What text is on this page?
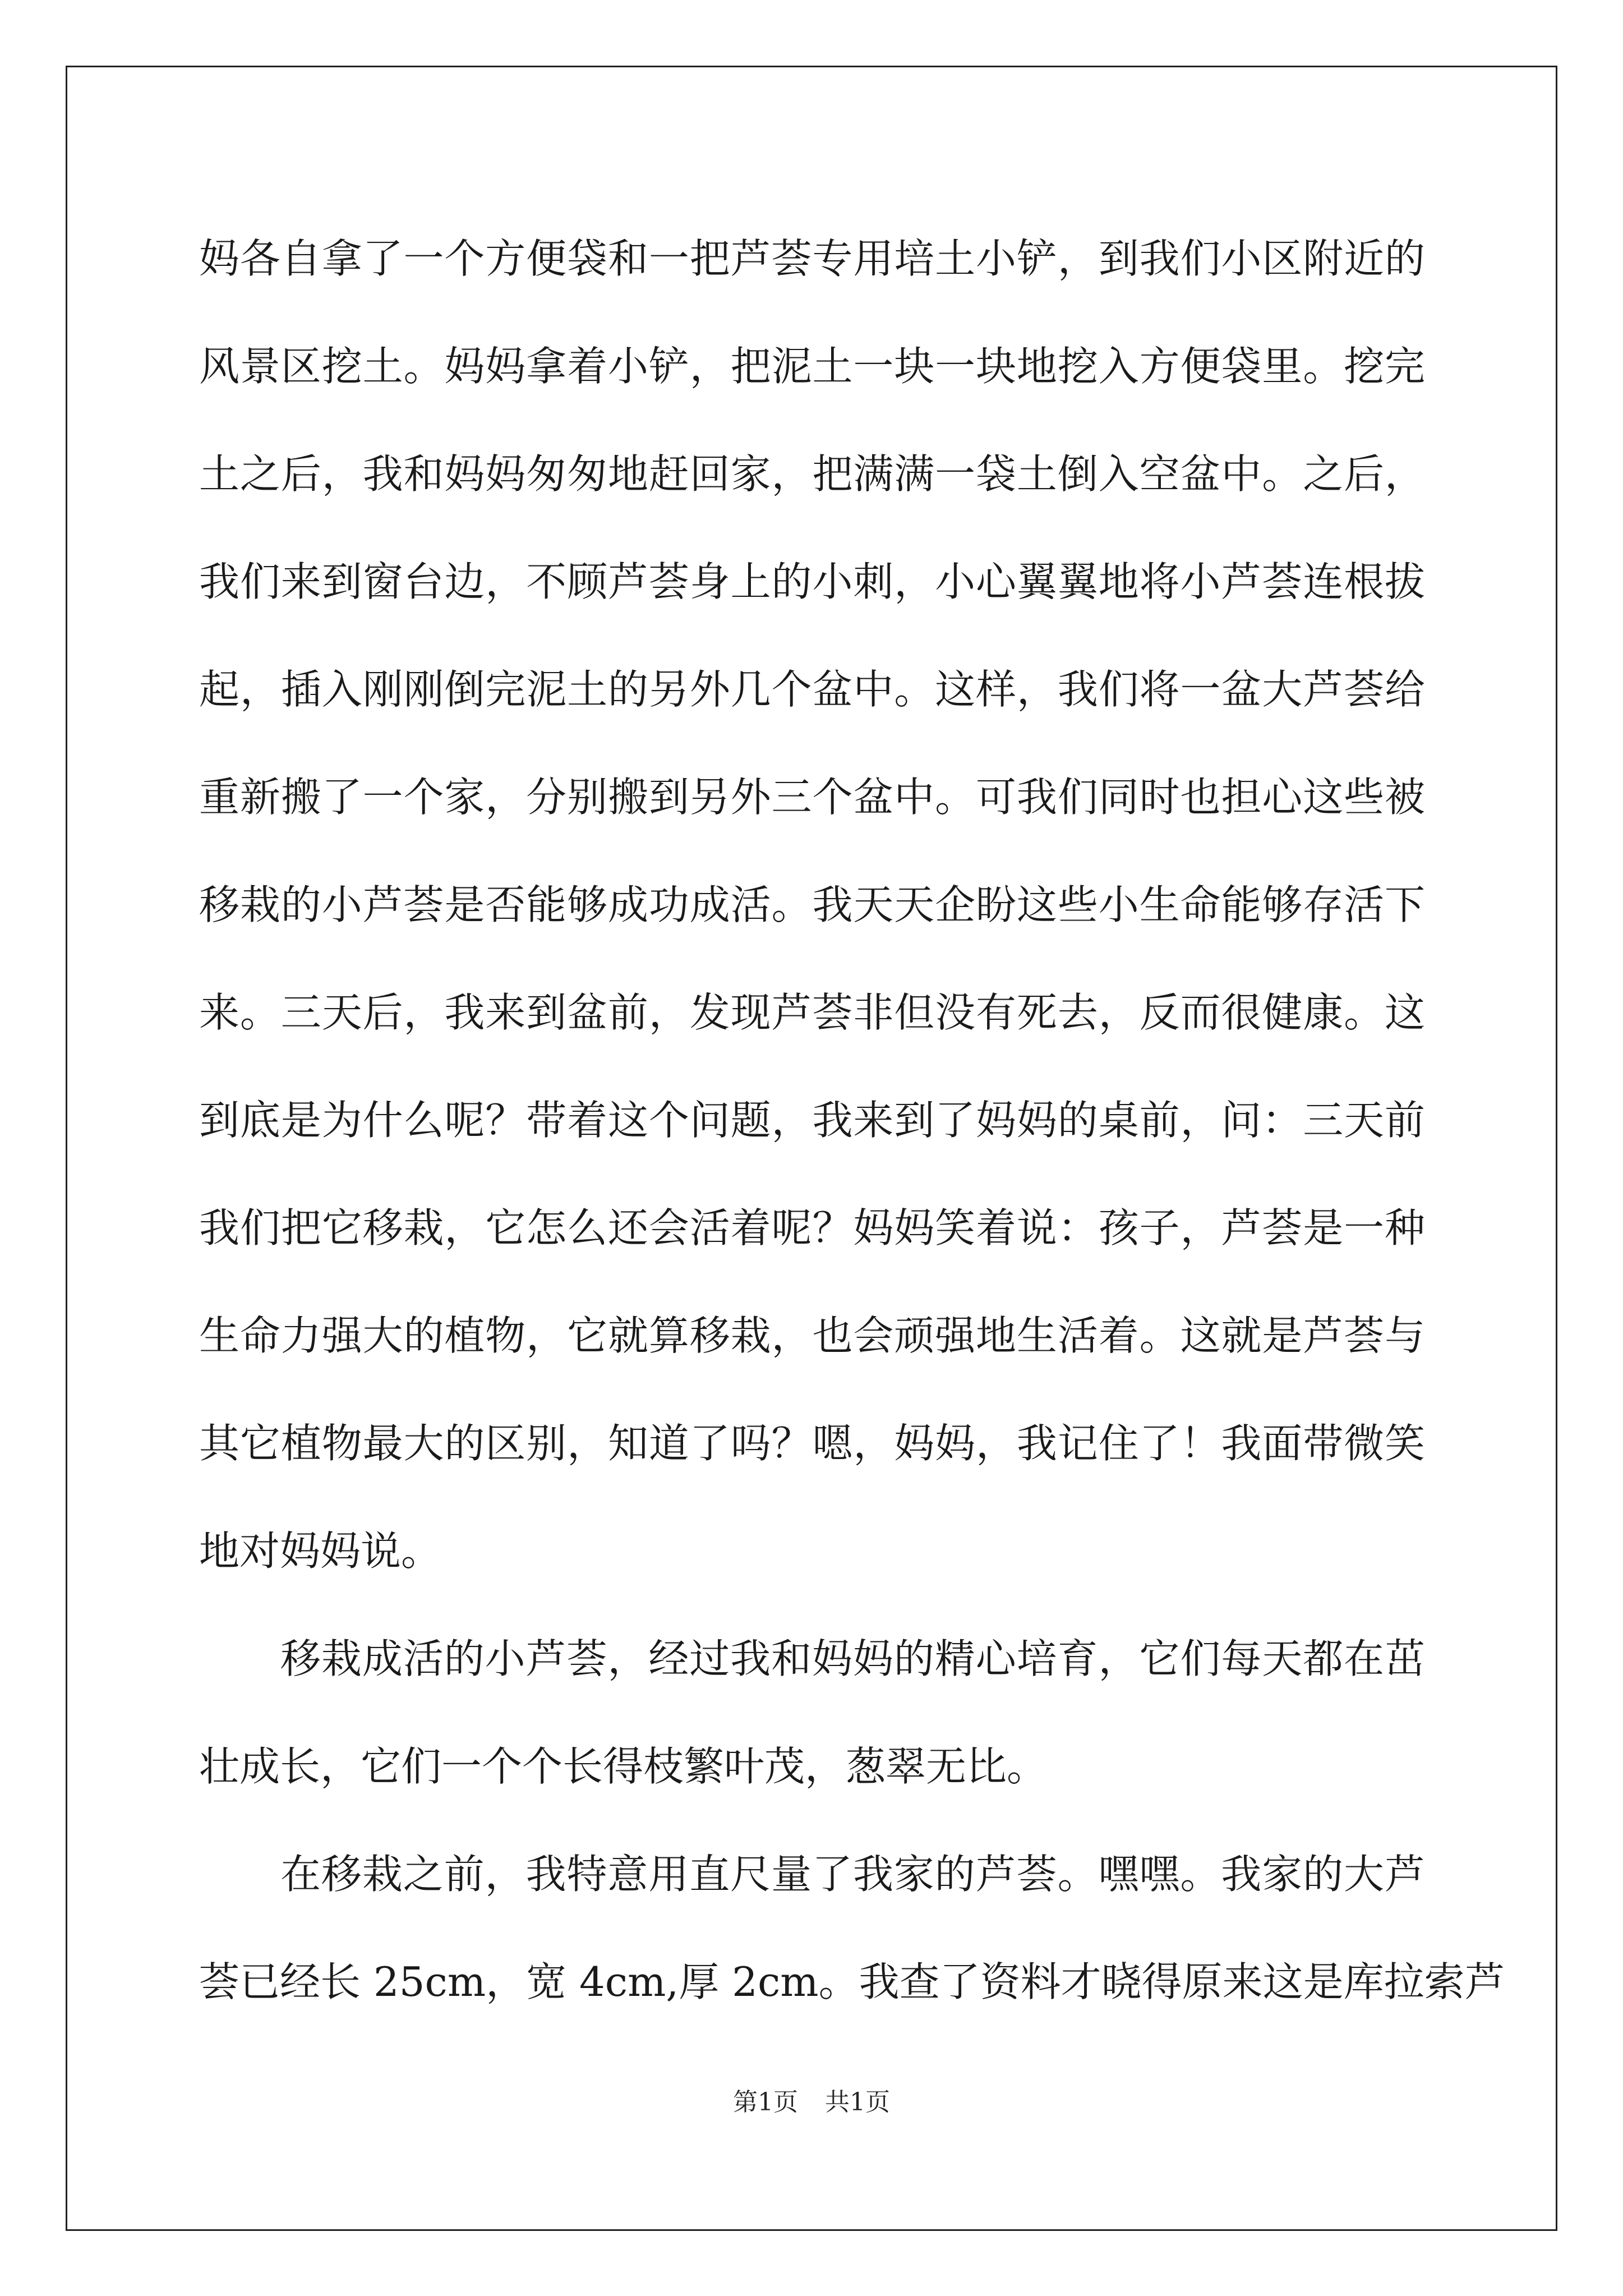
妈各自拿了一个方便袋和一把芦荟专用培土小铲，到我们小区附近的

风景区挖土。妈妈拿着小铲，把泥土一块一块地挖入方便袋里。挖完

土之后，我和妈妈匆匆地赶回家，把满满一袋土倒入空盆中。之后，

我们来到窗台边，不顾芦荟身上的小刺，小心翼翼地将小芦荟连根拔

起，插入刚刚倒完泥土的另外几个盆中。这样，我们将一盆大芦荟给

重新搬了一个家，分别搬到另外三个盆中。可我们同时也担心这些被

移栽的小芦荟是否能够成功成活。我天天企盼这些小生命能够存活下

来。三天后，我来到盆前，发现芦荟非但没有死去，反而很健康。这

到底是为什么呢？带着这个问题，我来到了妈妈的桌前，问：三天前

我们把它移栽，它怎么还会活着呢？妈妈笑着说：孩子，芦荟是一种

生命力强大的植物，它就算移栽，也会顽强地生活着。这就是芦荟与

其它植物最大的区别，知道了吗？嗯，妈妈，我记住了！我面带微笑

地对妈妈说。

移栽成活的小芦荟，经过我和妈妈的精心培育，它们每天都在茁

壮成长，它们一个个长得枝繁叶茂，葱翠无比。

在移栽之前，我特意用直尺量了我家的芦荟。嘿嘿。我家的大芦

荟已经长 25cm，宽 4cm,厚 2cm。我查了资料才晓得原来这是库拉索芦

第1页 共1页
